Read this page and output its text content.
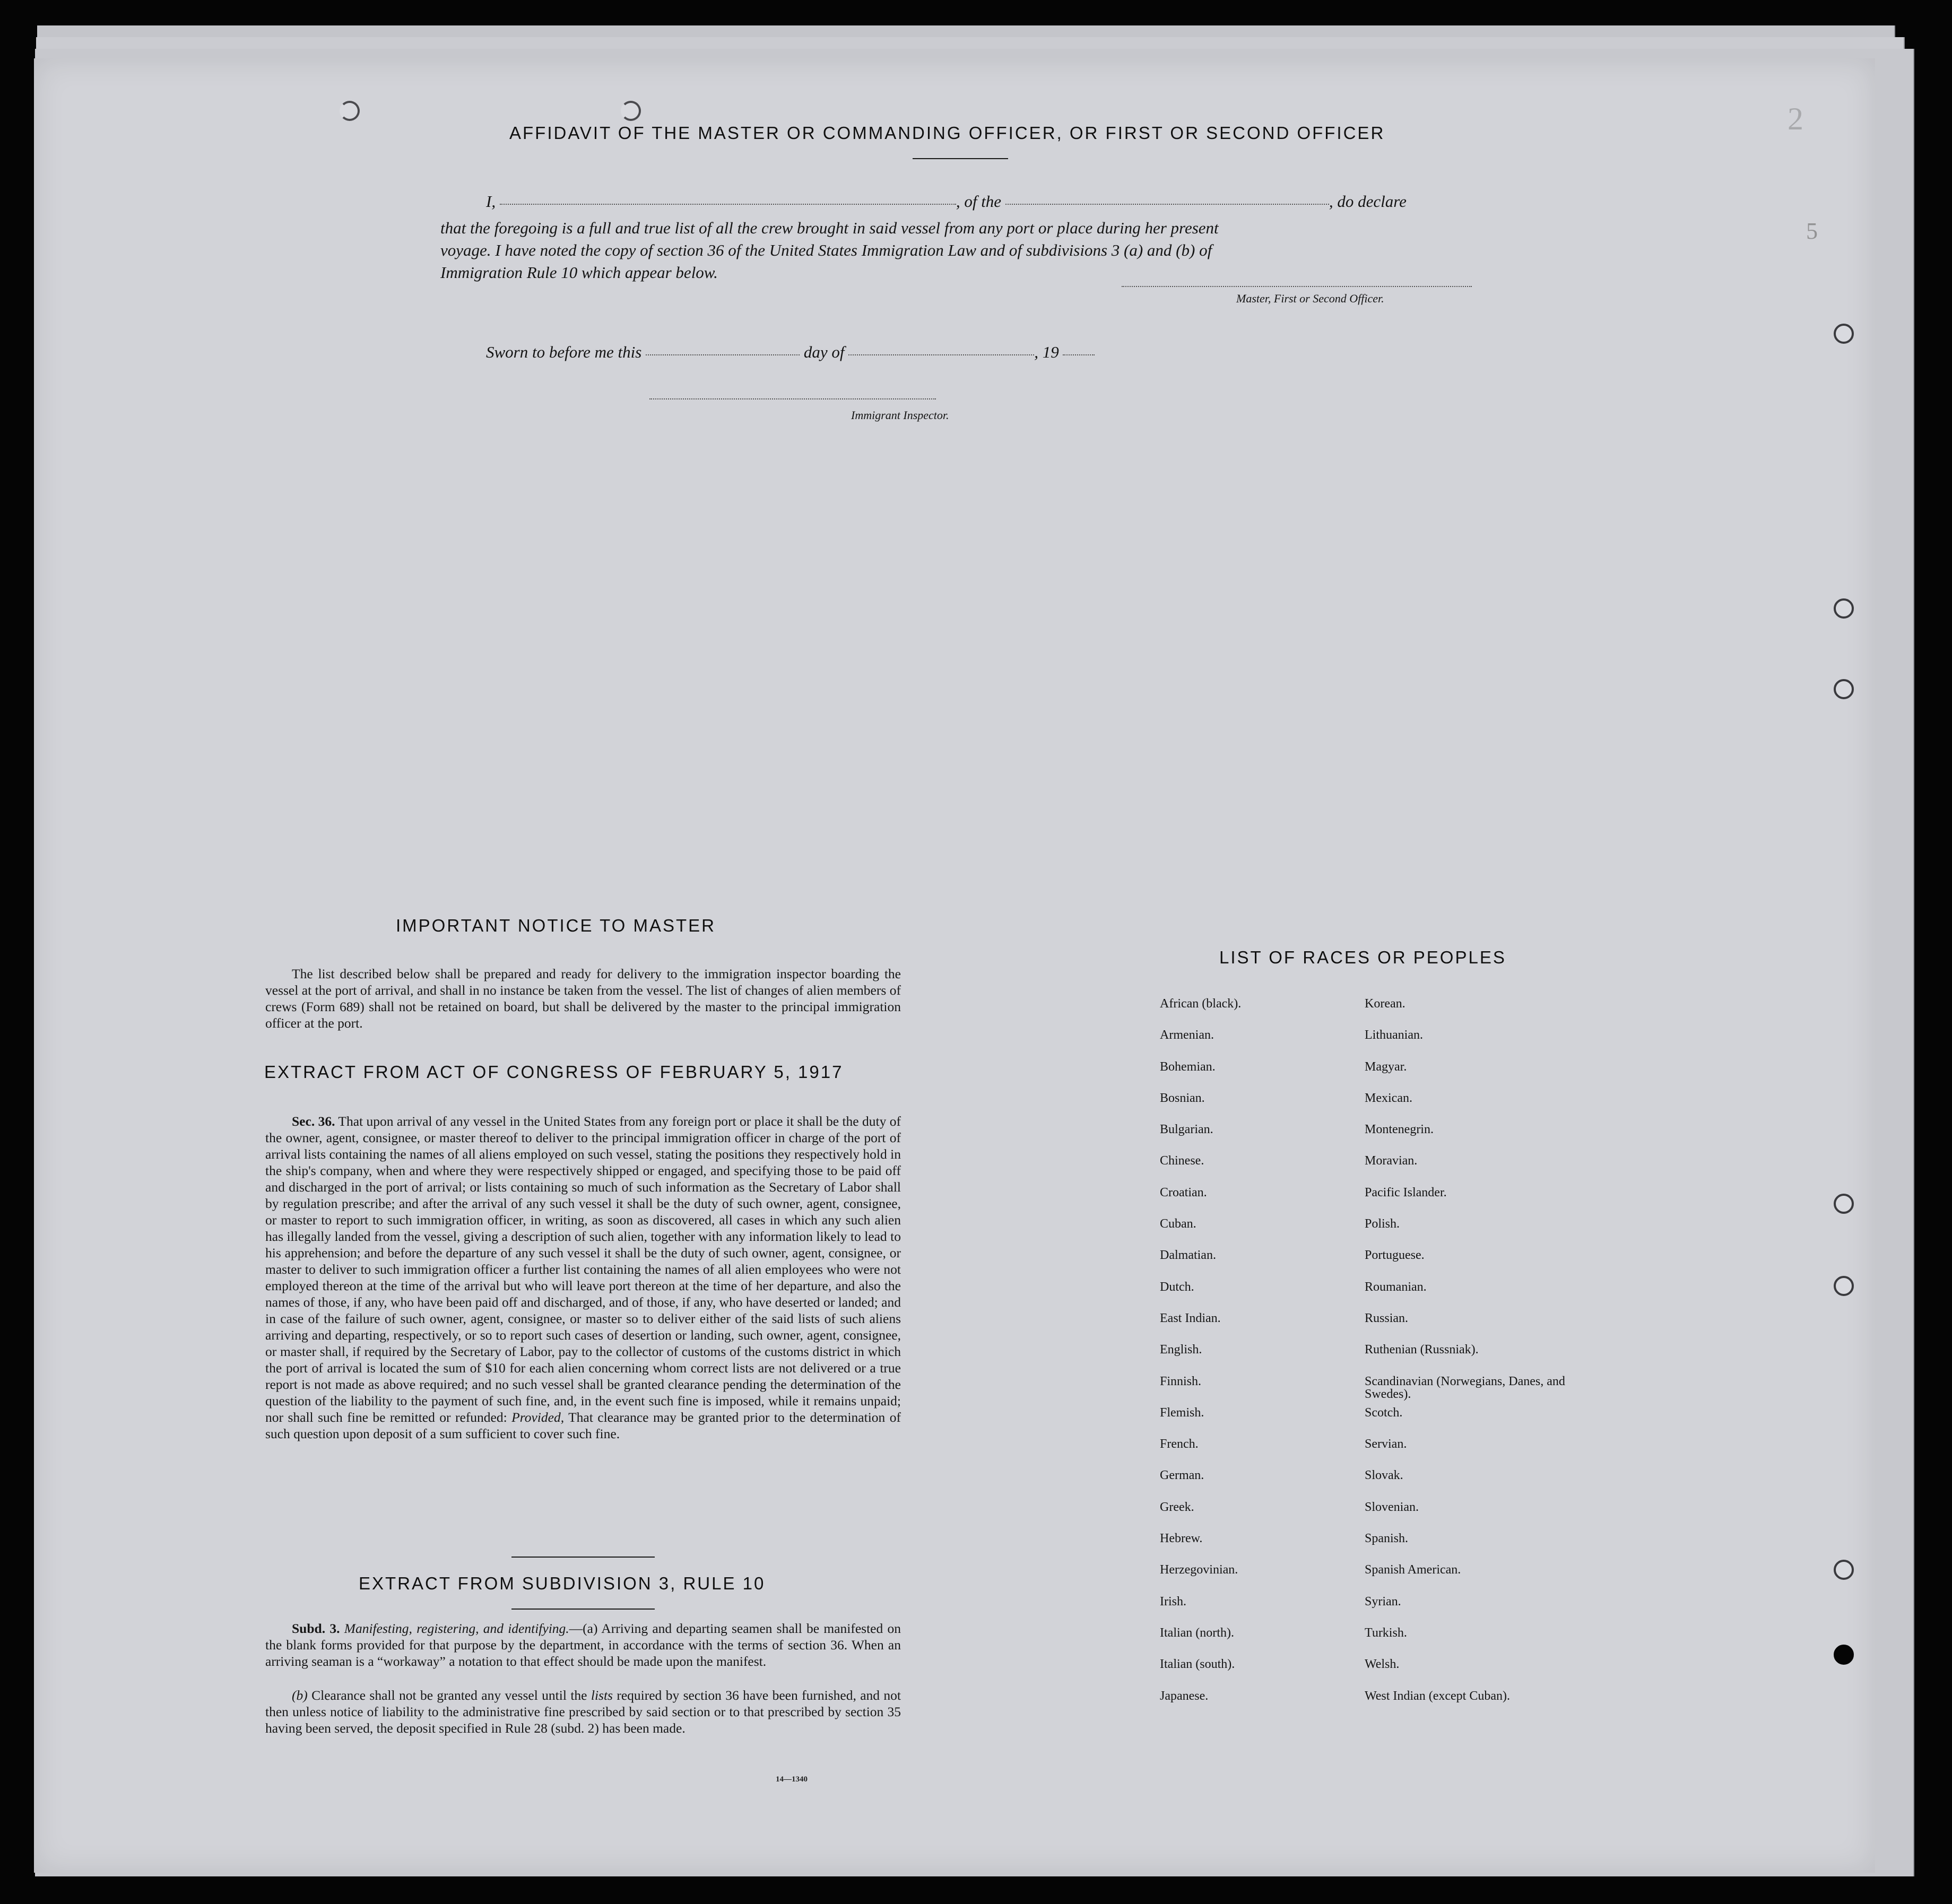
2
5
AFFIDAVIT OF THE MASTER OR COMMANDING OFFICER, OR FIRST OR SECOND OFFICER
I,	, of the	, do declare
that the foregoing is a full and true list of all the crew brought in said vessel from any port or place during her present
voyage. I have noted the copy of section 36 of the United States Immigration Law and of subdivisions 3 (a) and (b) of
Immigration Rule 10 which appear below.
Master, First or Second Officer.
Sworn to before me this	day of	, 19
Immigrant Inspector.
IMPORTANT NOTICE TO MASTER
The list described below shall be prepared and ready for delivery to the immigration inspector boarding the vessel at the port of arrival, and shall in no instance be taken from the vessel. The list of changes of alien members of crews (Form 689) shall not be retained on board, but shall be delivered by the master to the principal immigration officer at the port.
EXTRACT FROM ACT OF CONGRESS OF FEBRUARY 5, 1917
Sec. 36. That upon arrival of any vessel in the United States from any foreign port or place it shall be the duty of the owner, agent, consignee, or master thereof to deliver to the principal immigration officer in charge of the port of arrival lists containing the names of all aliens employed on such vessel, stating the positions they respectively hold in the ship's company, when and where they were respectively shipped or engaged, and specifying those to be paid off and discharged in the port of arrival; or lists containing so much of such information as the Secretary of Labor shall by regulation prescribe; and after the arrival of any such vessel it shall be the duty of such owner, agent, consignee, or master to report to such immigration officer, in writing, as soon as discovered, all cases in which any such alien has illegally landed from the vessel, giving a description of such alien, together with any information likely to lead to his apprehension; and before the departure of any such vessel it shall be the duty of such owner, agent, consignee, or master to deliver to such immigration officer a further list containing the names of all alien employees who were not employed thereon at the time of the arrival but who will leave port thereon at the time of her departure, and also the names of those, if any, who have been paid off and discharged, and of those, if any, who have deserted or landed; and in case of the failure of such owner, agent, consignee, or master so to deliver either of the said lists of such aliens arriving and departing, respectively, or so to report such cases of desertion or landing, such owner, agent, consignee, or master shall, if required by the Secretary of Labor, pay to the collector of customs of the customs district in which the port of arrival is located the sum of $10 for each alien concerning whom correct lists are not delivered or a true report is not made as above required; and no such vessel shall be granted clearance pending the determination of the question of the liability to the payment of such fine, and, in the event such fine is imposed, while it remains unpaid; nor shall such fine be remitted or refunded: Provided, That clearance may be granted prior to the determination of such question upon deposit of a sum sufficient to cover such fine.
EXTRACT FROM SUBDIVISION 3, RULE 10
Subd. 3. Manifesting, registering, and identifying.—(a) Arriving and departing seamen shall be manifested on the blank forms provided for that purpose by the department, in accordance with the terms of section 36. When an arriving seaman is a “workaway” a notation to that effect should be made upon the manifest.
(b) Clearance shall not be granted any vessel until the lists required by section 36 have been furnished, and not then unless notice of liability to the administrative fine prescribed by said section or to that prescribed by section 35 having been served, the deposit specified in Rule 28 (subd. 2) has been made.
14—1340
LIST OF RACES OR PEOPLES
African (black).
Armenian.
Bohemian.
Bosnian.
Bulgarian.
Chinese.
Croatian.
Cuban.
Dalmatian.
Dutch.
East Indian.
English.
Finnish.
Flemish.
French.
German.
Greek.
Hebrew.
Herzegovinian.
Irish.
Italian (north).
Italian (south).
Japanese.
Korean.
Lithuanian.
Magyar.
Mexican.
Montenegrin.
Moravian.
Pacific Islander.
Polish.
Portuguese.
Roumanian.
Russian.
Ruthenian (Russniak).
Scandinavian (Norwegians, Danes, and Swedes).
Scotch.
Servian.
Slovak.
Slovenian.
Spanish.
Spanish American.
Syrian.
Turkish.
Welsh.
West Indian (except Cuban).
